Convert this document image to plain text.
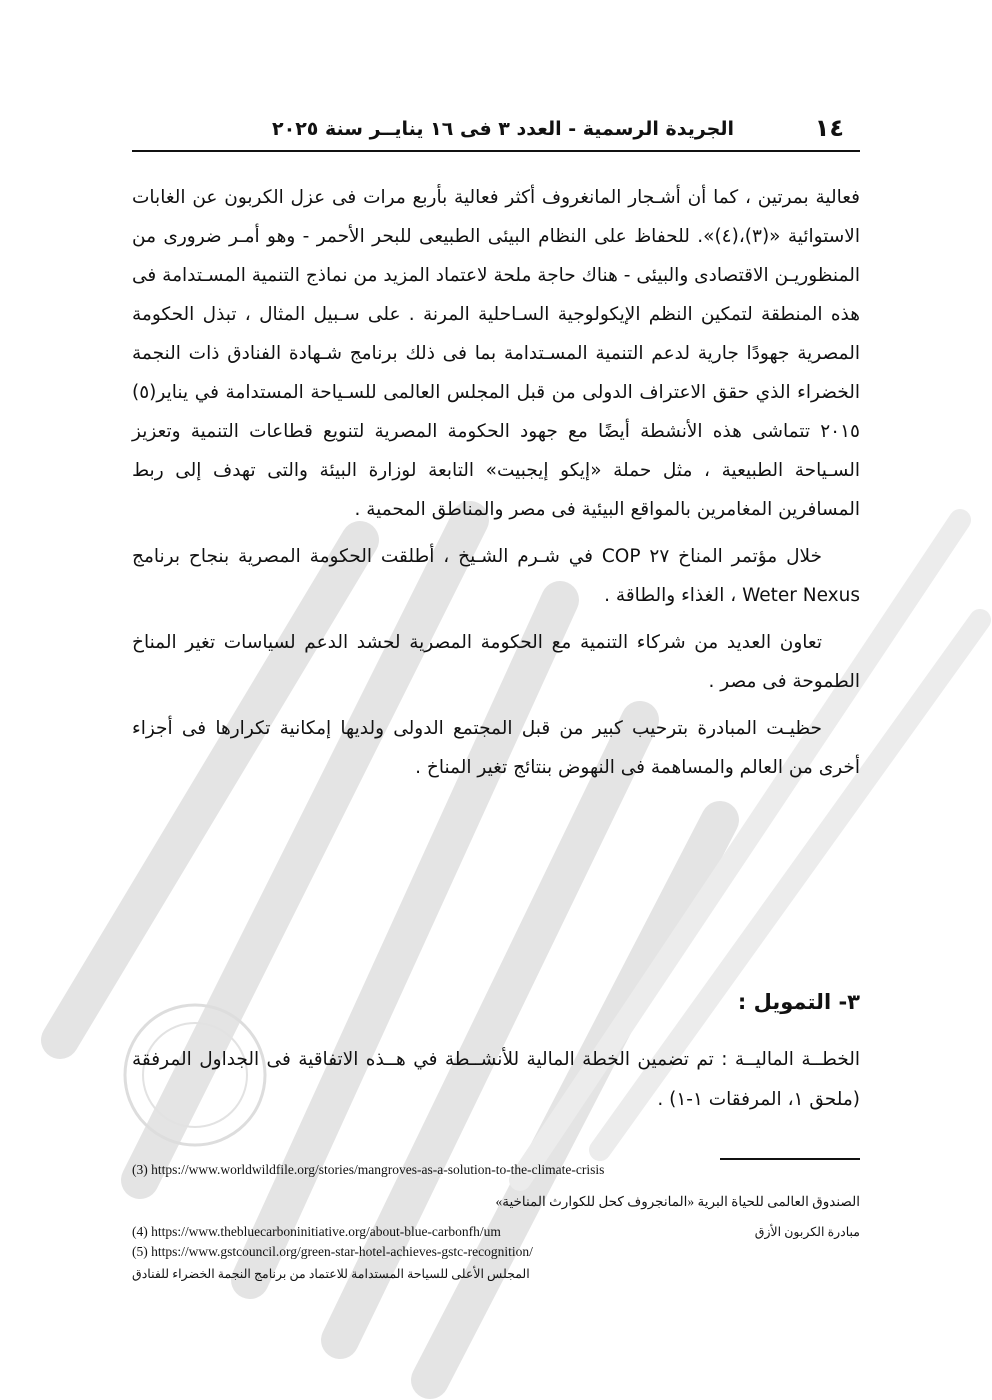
١٤
الجريدة الرسمية - العدد ٣ فى ١٦ ينايــر سنة ٢٠٢٥

فعالية بمرتين ، كما أن أشـجار المانغروف أكثر فعالية بأربع مرات فى عزل الكربون عن الغابات الاستوائية «(٣)،(٤)». للحفاظ على النظام البيئى الطبيعى للبحر الأحمر - وهو أمـر ضرورى من المنظوريـن الاقتصادى والبيئى - هناك حاجة ملحة لاعتماد المزيد من نماذج التنمية المسـتدامة فى هذه المنطقة لتمكين النظم الإيكولوجية السـاحلية المرنة . على سـبيل المثال ، تبذل الحكومة المصرية جهودًا جارية لدعم التنمية المسـتدامة بما فى ذلك برنامج شـهادة الفنادق ذات النجمة الخضراء الذي حقق الاعتراف الدولى من قبل المجلس العالمى للسـياحة المستدامة في يناير(٥) ٢٠١٥ تتماشى هذه الأنشطة أيضًا مع جهود الحكومة المصرية لتنويع قطاعات التنمية وتعزيز السـياحة الطبيعية ، مثل حملة «إيكو إيجبيت» التابعة لوزارة البيئة والتى تهدف إلى ربط المسافرين المغامرين بالمواقع البيئية فى مصر والمناطق المحمية .

خلال مؤتمر المناخ ٢٧ COP في شـرم الشـيخ ، أطلقت الحكومة المصرية بنجاح برنامج Weter Nexus ، الغذاء والطاقة .

تعاون العديد من شركاء التنمية مع الحكومة المصرية لحشد الدعم لسياسات تغير المناخ الطموحة فى مصر .

حظيـت المبادرة بترحيب كبير من قبل المجتمع الدولى ولديها إمكانية تكرارها فى أجزاء أخرى من العالم والمساهمة فى النهوض بنتائج تغير المناخ .

٣- التمويل :

الخطــة الماليــة : تم تضمين الخطة المالية للأنشــطة في هــذه الاتفاقية فى الجداول المرفقة (ملحق ١، المرفقات ١-١) .

(3) https://www.worldwildfile.org/stories/mangroves-as-a-solution-to-the-climate-crisis
الصندوق العالمى للحياة البرية «المانجروف كحل للكوارث المناخية»
(4) https://www.thebluecarboninitiative.org/about-blue-carbonfh/um	مبادرة الكربون الأزق
(5) https://www.gstcouncil.org/green-star-hotel-achieves-gstc-recognition/
المجلس الأعلى للسياحة المستدامة للاعتماد من برنامج النجمة الخضراء للفنادق
